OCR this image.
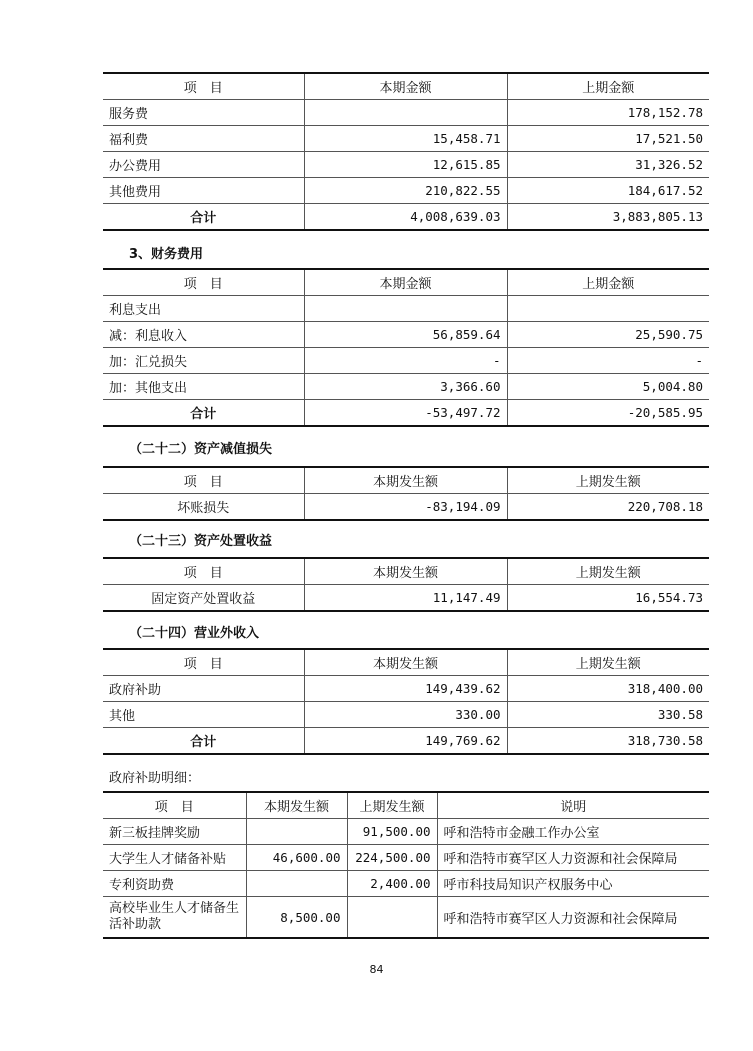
项　目	本期金额	上期金额
服务费		178,152.78
福利费	15,458.71	17,521.50
办公费用	12,615.85	31,326.52
其他费用	210,822.55	184,617.52
合计	4,008,639.03	3,883,805.13
3、财务费用
项　目	本期金额	上期金额
利息支出		
减：利息收入	56,859.64	25,590.75
加：汇兑损失	-	-
加：其他支出	3,366.60	5,004.80
合计	-53,497.72	-20,585.95
（二十二）资产减值损失
项　目	本期发生额	上期发生额
坏账损失	-83,194.09	220,708.18
（二十三）资产处置收益
项　目	本期发生额	上期发生额
固定资产处置收益	11,147.49	16,554.73
（二十四）营业外收入
项　目	本期发生额	上期发生额
政府补助	149,439.62	318,400.00
其他	330.00	330.58
合计	149,769.62	318,730.58
政府补助明细：
项　目	本期发生额	上期发生额	说明
新三板挂牌奖励		91,500.00	呼和浩特市金融工作办公室
大学生人才储备补贴	46,600.00	224,500.00	呼和浩特市赛罕区人力资源和社会保障局
专利资助费		2,400.00	呼市科技局知识产权服务中心
高校毕业生人才储备生活补助款	8,500.00		呼和浩特市赛罕区人力资源和社会保障局
84
